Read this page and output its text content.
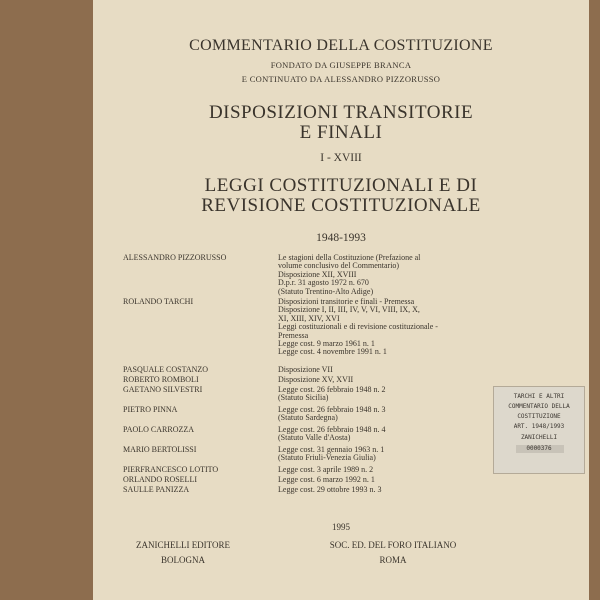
COMMENTARIO DELLA COSTITUZIONE
FONDATO DA GIUSEPPE BRANCA
E CONTINUATO DA ALESSANDRO PIZZORUSSO
DISPOSIZIONI TRANSITORIE
E FINALI
I - XVIII
LEGGI COSTITUZIONALI E DI
REVISIONE COSTITUZIONALE
1948-1993
ALESSANDRO PIZZORUSSO	Le stagioni della Costituzione (Prefazione al
volume conclusivo del Commentario)
Disposizione XII, XVIII
D.p.r. 31 agosto 1972 n. 670
(Statuto Trentino-Alto Adige)
ROLANDO TARCHI	Disposizioni transitorie e finali - Premessa
Disposizione I, II, III, IV, V, VI, VIII, IX, X,
XI, XIII, XIV, XVI
Leggi costituzionali e di revisione costituzionale -
Premessa
Legge cost. 9 marzo 1961 n. 1
Legge cost. 4 novembre 1991 n. 1
PASQUALE COSTANZO	Disposizione VII
ROBERTO ROMBOLI	Disposizione XV, XVII
GAETANO SILVESTRI	Legge cost. 26 febbraio 1948 n. 2
(Statuto Sicilia)
PIETRO PINNA	Legge cost. 26 febbraio 1948 n. 3
(Statuto Sardegna)
PAOLO CARROZZA	Legge cost. 26 febbraio 1948 n. 4
(Statuto Valle d'Aosta)
MARIO BERTOLISSI	Legge cost. 31 gennaio 1963 n. 1
(Statuto Friuli-Venezia Giulia)
PIERFRANCESCO LOTITO	Legge cost. 3 aprile 1989 n. 2
ORLANDO ROSELLI	Legge cost. 6 marzo 1992 n. 1
SAULLE PANIZZA	Legge cost. 29 ottobre 1993 n. 3
TARCHI E ALTRI
COMMENTARIO DELLA
COSTITUZIONE
ART. 1948/1993
ZANICHELLI
0000376
1995
ZANICHELLI EDITORE
BOLOGNA
SOC. ED. DEL FORO ITALIANO
ROMA
